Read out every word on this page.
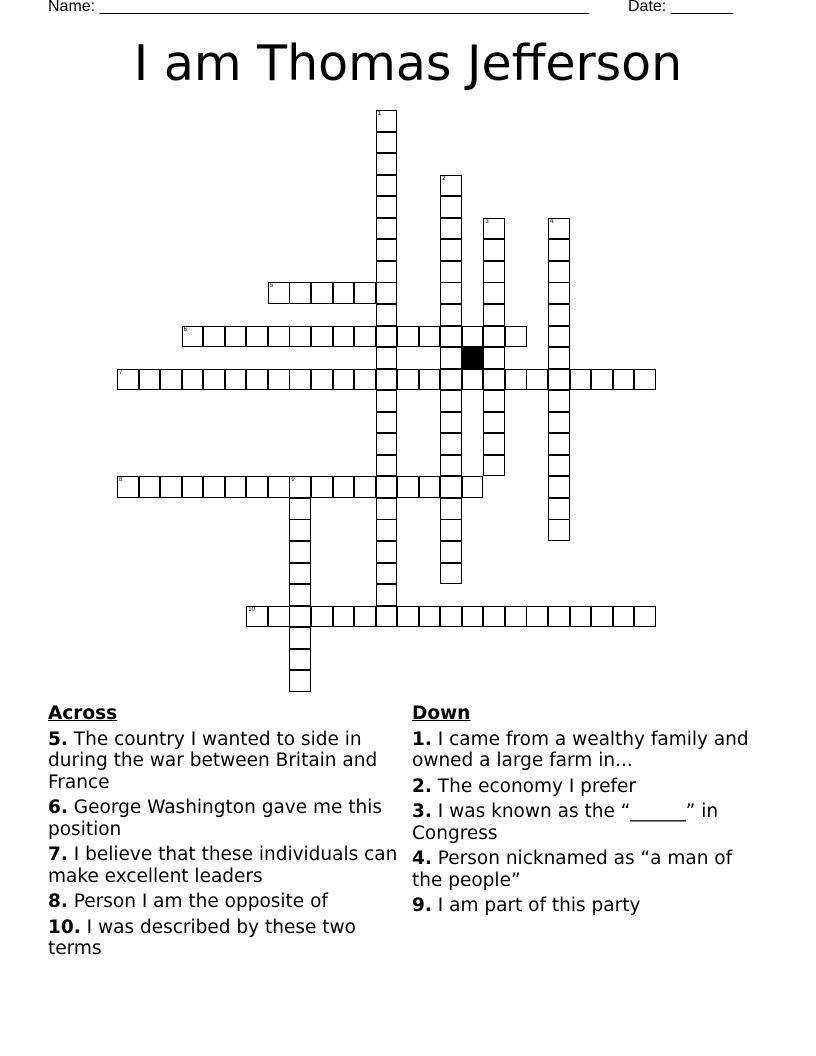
Name: _______________________________________________________ Date: _______
I am Thomas Jefferson
1
2
3	4
5
6
7
8	9
10
Across
5. The country I wanted to side in during the war between Britain and France
6. George Washington gave me this position
7. I believe that these individuals can make excellent leaders
8. Person I am the opposite of
10. I was described by these two terms
Down
1. I came from a wealthy family and owned a large farm in...
2. The economy I prefer
3. I was known as the “______” in Congress
4. Person nicknamed as “a man of the people”
9. I am part of this party
